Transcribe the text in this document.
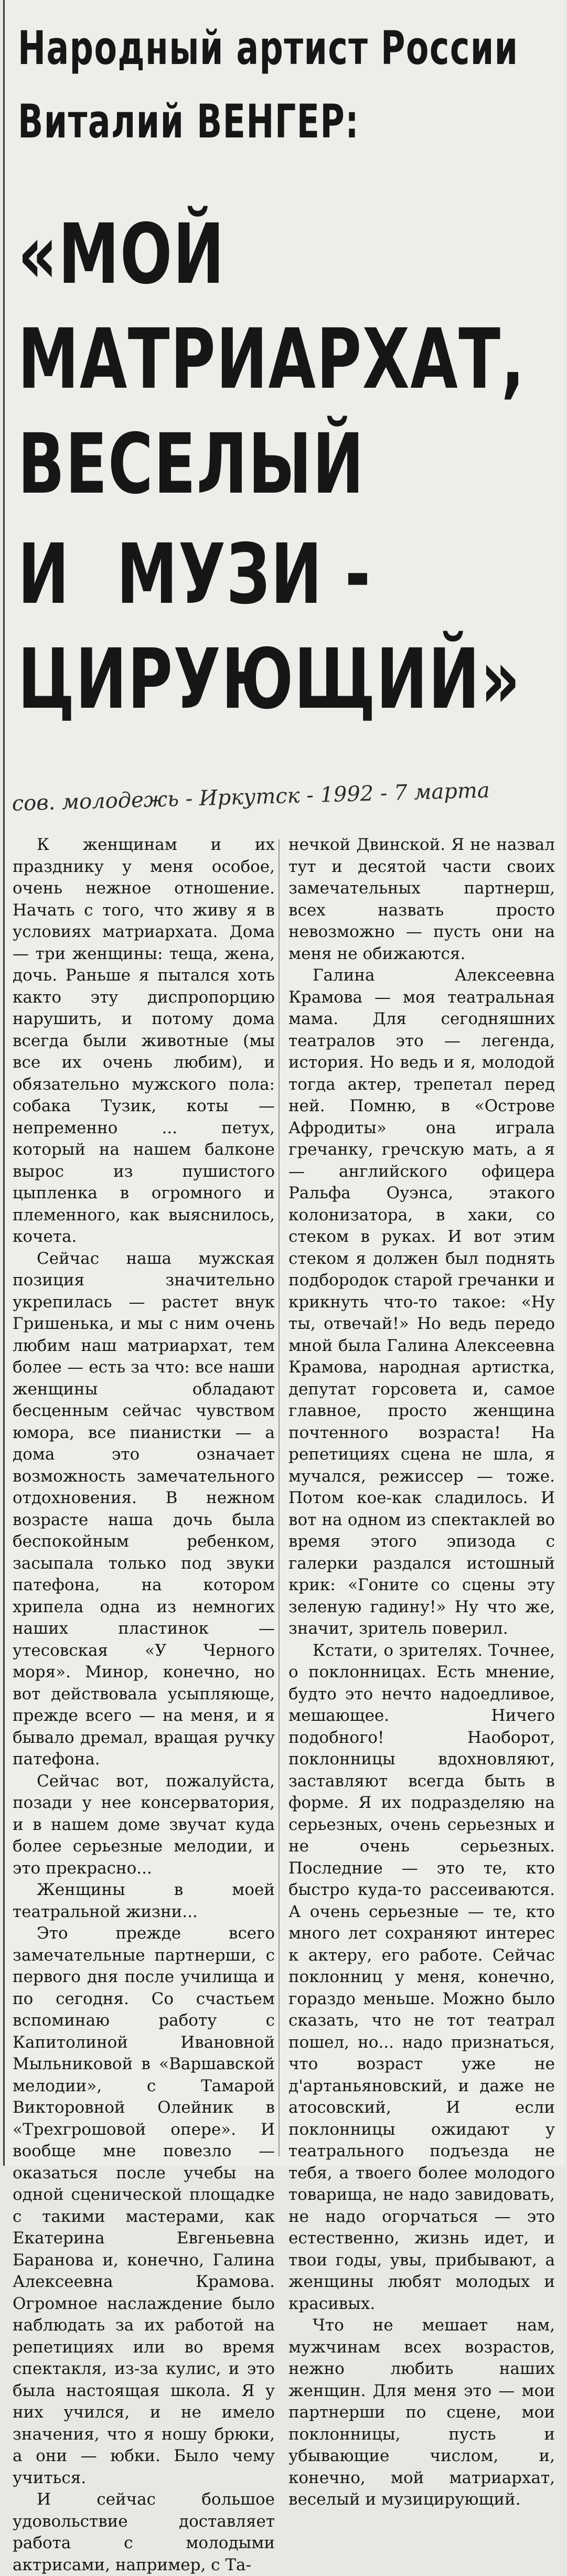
Народный артист России
Виталий ВЕНГЕР:
«МОЙ
МАТРИАРХАТ,
ВЕСЕЛЫЙ
И МУЗИ -
ЦИРУЮЩИЙ»
сов. молодежь - Иркутск - 1992 - 7 марта

К женщинам и их празднику у меня особое, очень нежное отношение. Начать с того, что живу я в условиях матриархата. Дома — три женщины: теща, жена, дочь. Раньше я пытался хоть както эту диспропорцию нарушить, и потому дома всегда были животные (мы все их очень любим), и обязательно мужского пола: собака Тузик, коты — непременно ... петух, который на нашем балконе вырос из пушистого цыпленка в огромного и племенного, как выяснилось, кочета.

Сейчас наша мужская позиция значительно укрепилась — растет внук Гришенька, и мы с ним очень любим наш матриархат, тем более — есть за что: все наши женщины обладают бесценным сейчас чувством юмора, все пианистки — а дома это означает возможность замечательного отдохновения. В нежном возрасте наша дочь была беспокойным ребенком, засыпала только под звуки патефона, на котором хрипела одна из немногих наших пластинок — утесовская «У Черного моря». Минор, конечно, но вот действовала усыпляюще, прежде всего — на меня, и я бывало дремал, вращая ручку патефона.

Сейчас вот, пожалуйста, позади у нее консерватория, и в нашем доме звучат куда более серьезные мелодии, и это прекрасно...

Женщины в моей театральной жизни...

Это прежде всего замечательные партнерши, с первого дня после училища и по сегодня. Со счастьем вспоминаю работу с Капитолиной Ивановной Мыльниковой в «Варшавской мелодии», с Тамарой Викторовной Олейник в «Трехгрошовой опере». И вообще мне повезло — оказаться после учебы на одной сценической площадке с такими мастерами, как Екатерина Евгеньевна Баранова и, конечно, Галина Алексеевна Крамова. Огромное наслаждение было наблюдать за их работой на репетициях или во время спектакля, из-за кулис, и это была настоящая школа. Я у них учился, и не имело значения, что я ношу брюки, а они — юбки. Было чему учиться.

И сейчас большое удовольствие доставляет работа с молодыми актрисами, например, с Та-

нечкой Двинской. Я не назвал тут и десятой части своих замечательных партнерш, всех назвать просто невозможно — пусть они на меня не обижаются.

Галина Алексеевна Крамова — моя театральная мама. Для сегодняшних театралов это — легенда, история. Но ведь и я, молодой тогда актер, трепетал перед ней. Помню, в «Острове Афродиты» она играла гречанку, гречскую мать, а я — английского офицера Ральфа Оуэнса, этакого колонизатора, в хаки, со стеком в руках. И вот этим стеком я должен был поднять подбородок старой гречанки и крикнуть что-то такое: «Ну ты, отвечай!» Но ведь передо мной была Галина Алексеевна Крамова, народная артистка, депутат горсовета и, самое главное, просто женщина почтенного возраста! На репетициях сцена не шла, я мучался, режиссер — тоже. Потом кое-как сладилось. И вот на одном из спектаклей во время этого эпизода с галерки раздался истошный крик: «Гоните со сцены эту зеленую гадину!» Ну что же, значит, зритель поверил.

Кстати, о зрителях. Точнее, о поклонницах. Есть мнение, будто это нечто надоедливое, мешающее. Ничего подобного! Наоборот, поклонницы вдохновляют, заставляют всегда быть в форме. Я их подразделяю на серьезных, очень серьезных и не очень серьезных. Последние — это те, кто быстро куда-то рассеиваются. А очень серьезные — те, кто много лет сохраняют интерес к актеру, его работе. Сейчас поклонниц у меня, конечно, гораздо меньше. Можно было сказать, что не тот театрал пошел, но... надо признаться, что возраст уже не д'артаньяновский, и даже не атосовский, И если поклонницы ожидают у театрального подъезда не тебя, а твоего более молодого товарища, не надо завидовать, не надо огорчаться — это естественно, жизнь идет, и твои годы, увы, прибывают, а женщины любят молодых и красивых.

Что не мешает нам, мужчинам всех возрастов, нежно любить наших женщин. Для меня это — мои партнерши по сцене, мои поклонницы, пусть и убывающие числом, и, конечно, мой матриархат, веселый и музицирующий.
